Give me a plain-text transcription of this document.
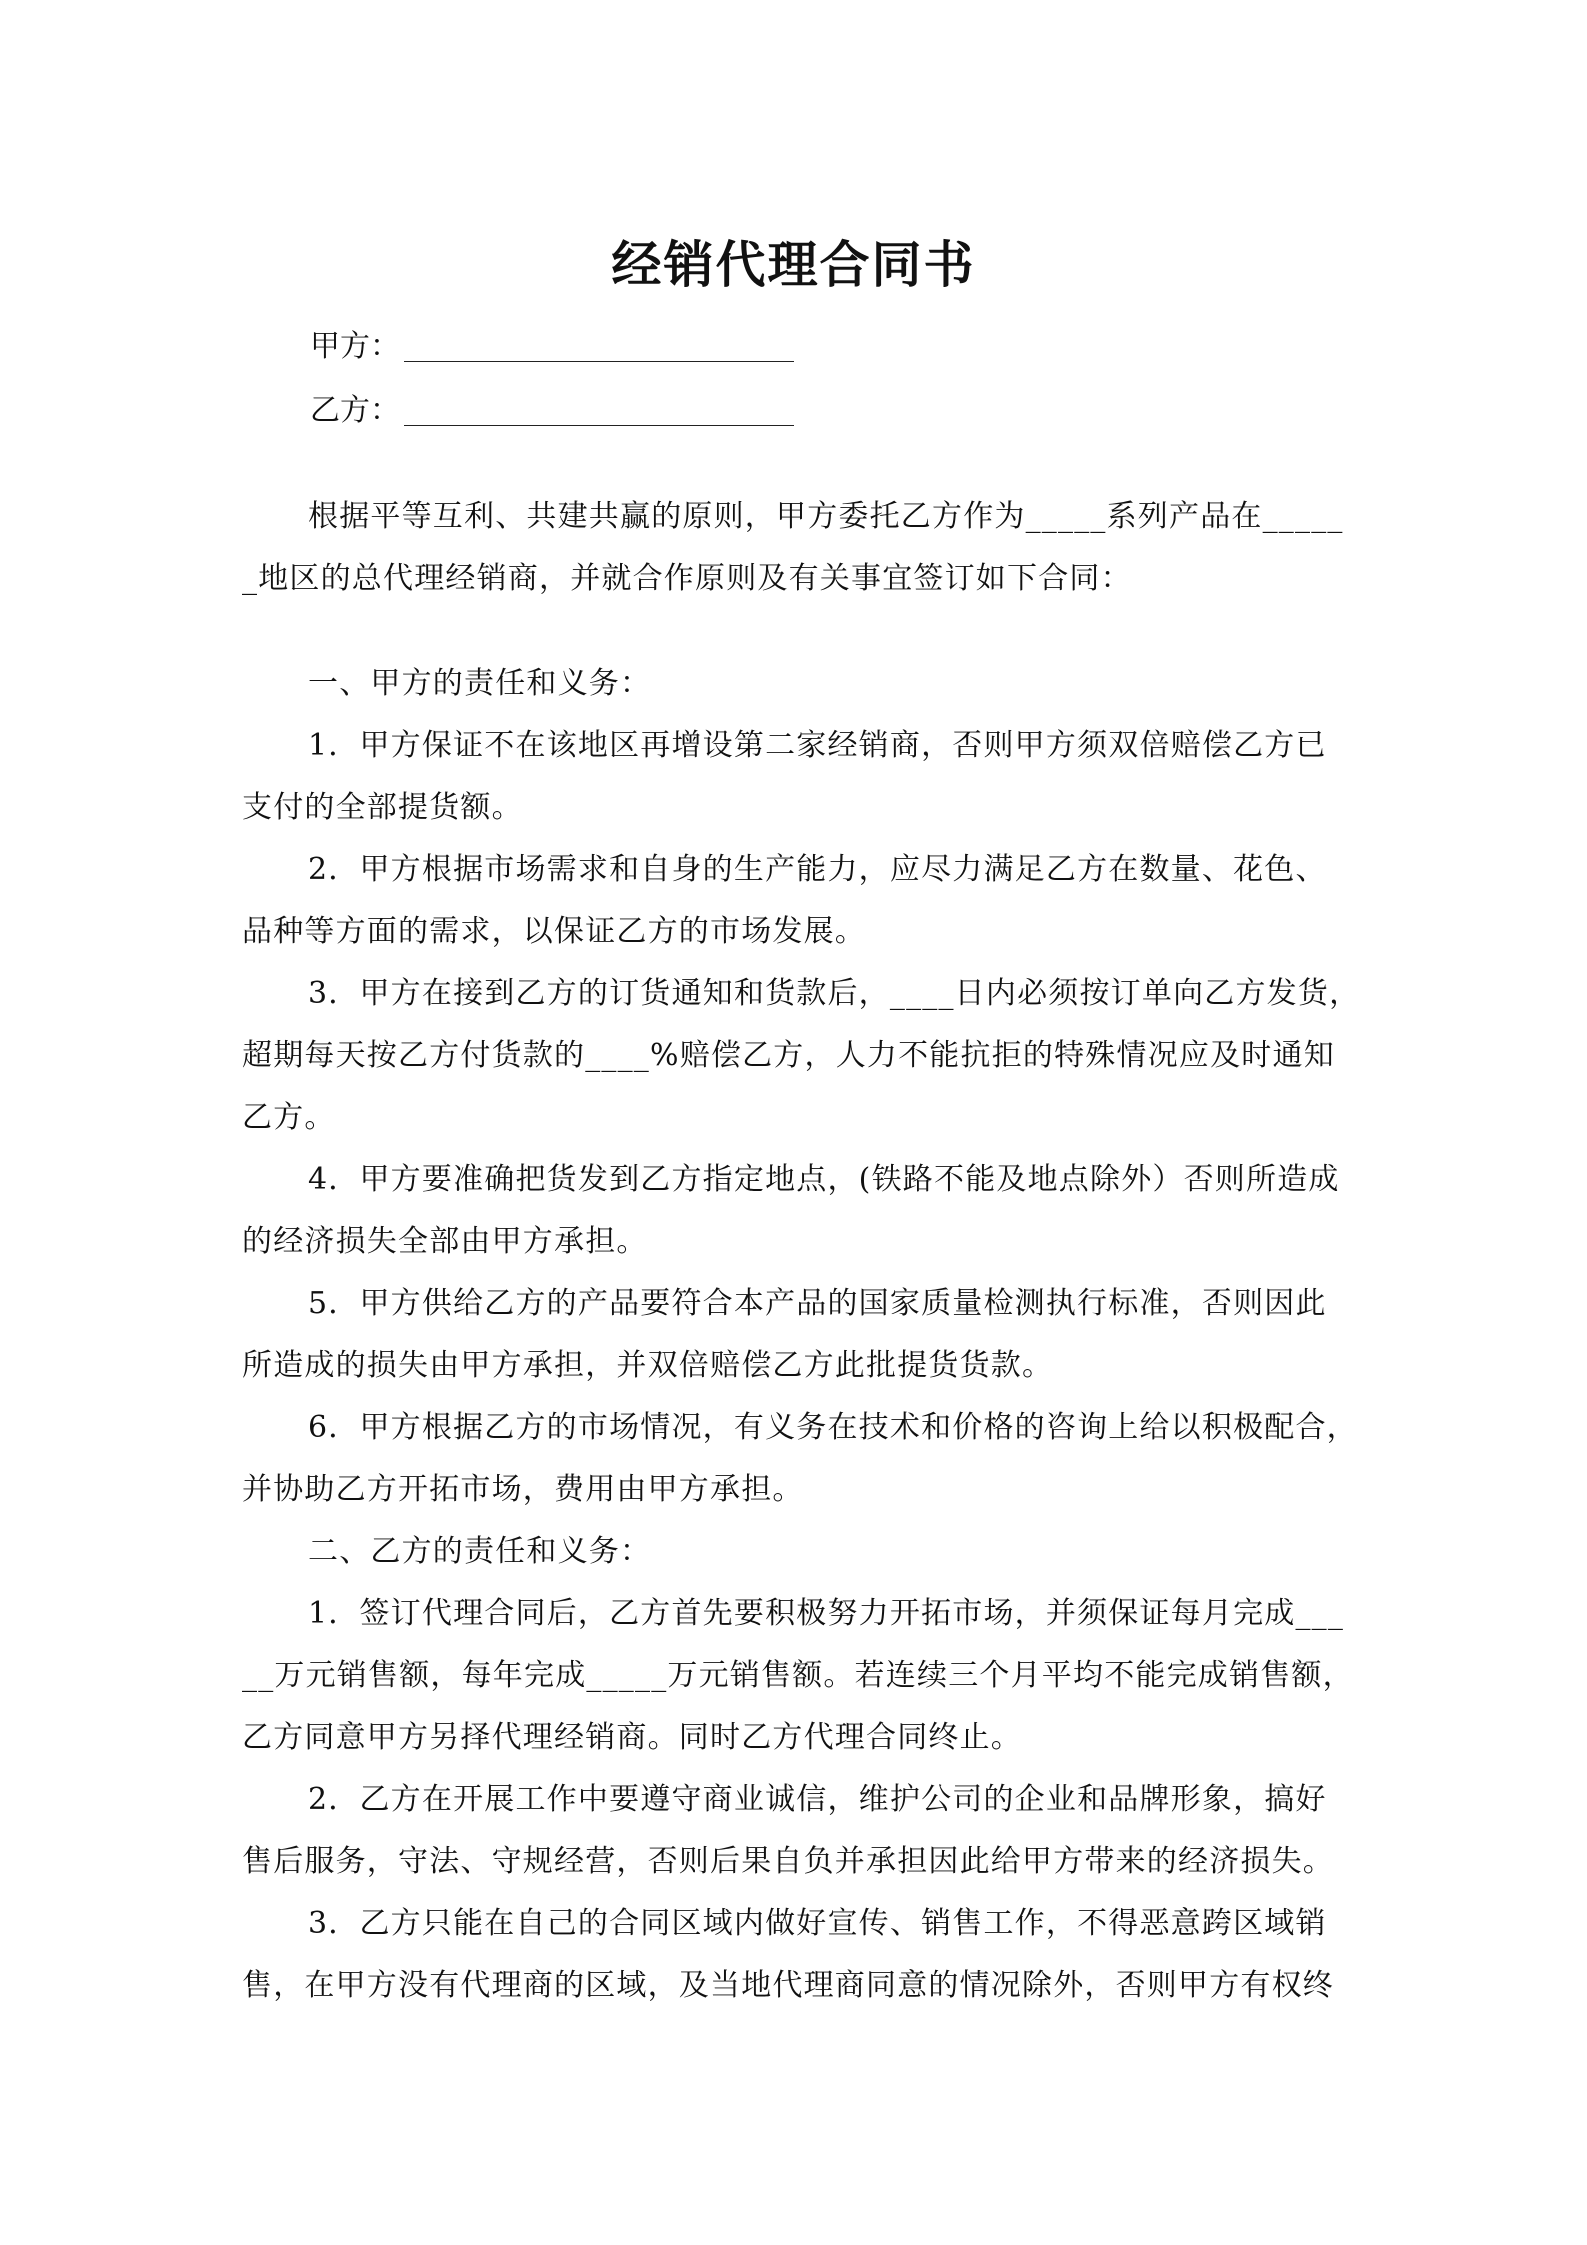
经销代理合同书
甲方：
乙方：
根据平等互利、共建共赢的原则，甲方委托乙方作为_____系列产品在_____
_地区的总代理经销商，并就合作原则及有关事宜签订如下合同：
一、甲方的责任和义务：
1．甲方保证不在该地区再增设第二家经销商，否则甲方须双倍赔偿乙方已
支付的全部提货额。
2．甲方根据市场需求和自身的生产能力，应尽力满足乙方在数量、花色、
品种等方面的需求，以保证乙方的市场发展。
3．甲方在接到乙方的订货通知和货款后，____日内必须按订单向乙方发货，
超期每天按乙方付货款的____%赔偿乙方，人力不能抗拒的特殊情况应及时通知
乙方。
4．甲方要准确把货发到乙方指定地点，(铁路不能及地点除外）否则所造成
的经济损失全部由甲方承担。
5．甲方供给乙方的产品要符合本产品的国家质量检测执行标准，否则因此
所造成的损失由甲方承担，并双倍赔偿乙方此批提货货款。
6．甲方根据乙方的市场情况，有义务在技术和价格的咨询上给以积极配合，
并协助乙方开拓市场，费用由甲方承担。
二、乙方的责任和义务：
1．签订代理合同后，乙方首先要积极努力开拓市场，并须保证每月完成___
__万元销售额，每年完成_____万元销售额。若连续三个月平均不能完成销售额，
乙方同意甲方另择代理经销商。同时乙方代理合同终止。
2．乙方在开展工作中要遵守商业诚信，维护公司的企业和品牌形象，搞好
售后服务，守法、守规经营，否则后果自负并承担因此给甲方带来的经济损失。
3．乙方只能在自己的合同区域内做好宣传、销售工作，不得恶意跨区域销
售，在甲方没有代理商的区域，及当地代理商同意的情况除外，否则甲方有权终
